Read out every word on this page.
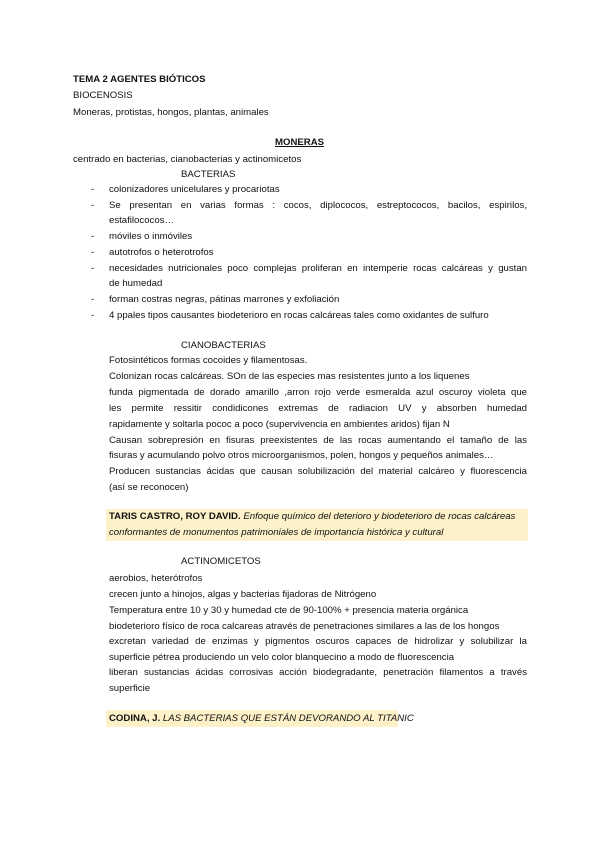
TEMA 2 AGENTES BIÓTICOS
BIOCENOSIS
Moneras, protistas, hongos, plantas, animales
MONERAS
centrado en bacterias, cianobacterias y actinomicetos
BACTERIAS
- colonizadores unicelulares y procariotas
- Se presentan en varias formas : cocos, diplococos, estreptococos, bacilos, espirilos,
estafilococos…
- móviles o inmóviles
- autotrofos o heterotrofos
- necesidades nutricionales poco complejas proliferan en intemperie rocas calcáreas y gustan
de humedad
- forman costras negras, pátinas marrones y exfoliación
- 4 ppales tipos causantes biodeterioro en rocas calcáreas tales como oxidantes de sulfuro
CIANOBACTERIAS
Fotosintéticos formas cocoides y filamentosas.
Colonizan rocas calcáreas. SOn de las especies mas resistentes junto a los liquenes
funda pigmentada de dorado amarillo ,arron rojo verde esmeralda azul oscuroy violeta que
les permite ressitir condidicones extremas de radiacion UV y absorben humedad
rapidamente y soltarla pococ a poco (supervivencia en ambientes aridos) fijan N
Causan sobrepresión en fisuras preexistentes de las rocas aumentando el tamaño de las
fisuras y acumulando polvo otros microorganismos, polen, hongos y pequeños animales…
Producen sustancias ácidas que causan solubilización del material calcáreo y fluorescencia
(así se reconocen)
TARIS CASTRO, ROY DAVID. Enfoque químico del deterioro y biodeterioro de rocas calcáreas
conformantes de monumentos patrimoniales de importancia histórica y cultural
ACTINOMICETOS
aerobios, heterótrofos
crecen junto a hinojos, algas y bacterias fijadoras de Nitrógeno
Temperatura entre 10 y 30 y humedad cte de 90-100% + presencia materia orgánica
biodeterioro físico de roca calcareas através de penetraciones similares a las de los hongos
excretan variedad de enzimas y pigmentos oscuros capaces de hidrolizar y solubilizar la
superficie pétrea produciendo un velo color blanquecino a modo de fluorescencia
liberan sustancias ácidas corrosivas acción biodegradante, penetración filamentos a través
superficie
CODINA, J. LAS BACTERIAS QUE ESTÁN DEVORANDO AL TITANIC
